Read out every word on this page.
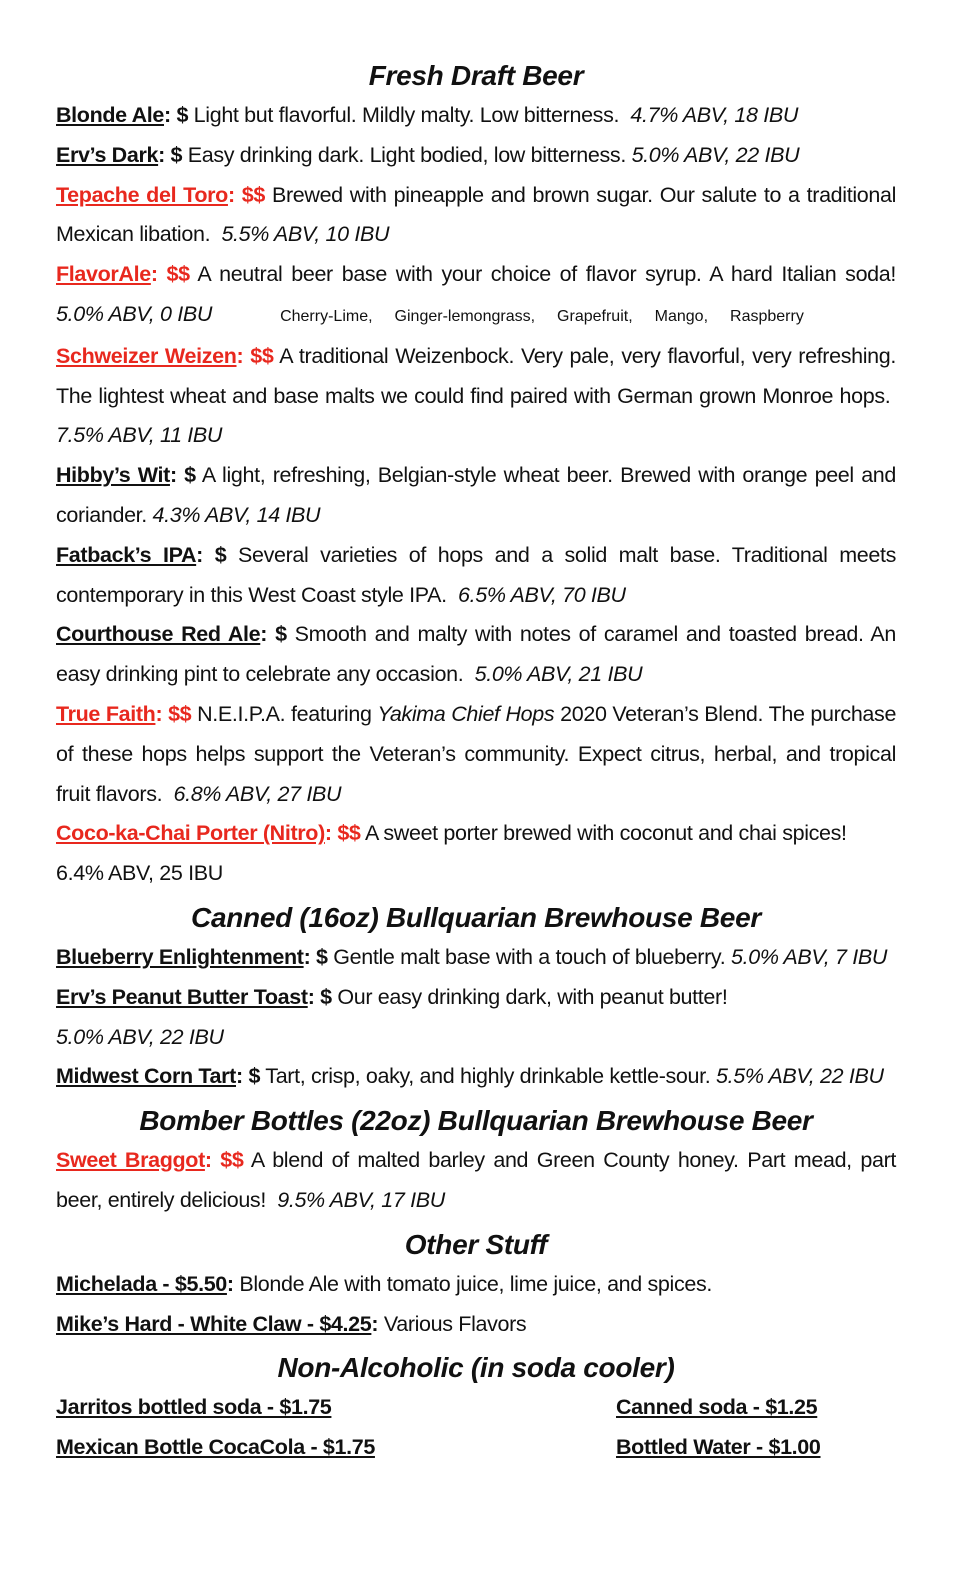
Fresh Draft Beer

Blonde Ale: $ Light but flavorful. Mildly malty. Low bitterness. 4.7% ABV, 18 IBU

Erv’s Dark: $ Easy drinking dark. Light bodied, low bitterness. 5.0% ABV, 22 IBU

Tepache del Toro: $$ Brewed with pineapple and brown sugar. Our salute to a traditional Mexican libation. 5.5% ABV, 10 IBU

FlavorAle: $$ A neutral beer base with your choice of flavor syrup. A hard Italian soda! 5.0% ABV, 0 IBU	Cherry-Lime, Ginger-lemongrass, Grapefruit, Mango, Raspberry

Schweizer Weizen: $$ A traditional Weizenbock. Very pale, very flavorful, very refreshing. The lightest wheat and base malts we could find paired with German grown Monroe hops.  7.5% ABV, 11 IBU

Hibby’s Wit: $ A light, refreshing, Belgian-style wheat beer. Brewed with orange peel and coriander. 4.3% ABV, 14 IBU

Fatback’s IPA: $ Several varieties of hops and a solid malt base. Traditional meets contemporary in this West Coast style IPA. 6.5% ABV, 70 IBU

Courthouse Red Ale: $ Smooth and malty with notes of caramel and toasted bread. An easy drinking pint to celebrate any occasion. 5.0% ABV, 21 IBU

True Faith: $$ N.E.I.P.A. featuring Yakima Chief Hops 2020 Veteran’s Blend. The purchase of these hops helps support the Veteran’s community. Expect citrus, herbal, and tropical fruit flavors. 6.8% ABV, 27 IBU

Coco-ka-Chai Porter (Nitro): $$ A sweet porter brewed with coconut and chai spices!
6.4% ABV, 25 IBU

Canned (16oz) Bullquarian Brewhouse Beer

Blueberry Enlightenment: $ Gentle malt base with a touch of blueberry. 5.0% ABV, 7 IBU

Erv’s Peanut Butter Toast: $ Our easy drinking dark, with peanut butter! 5.0% ABV, 22 IBU

Midwest Corn Tart: $ Tart, crisp, oaky, and highly drinkable kettle-sour. 5.5% ABV, 22 IBU

Bomber Bottles (22oz) Bullquarian Brewhouse Beer

Sweet Braggot: $$ A blend of malted barley and Green County honey. Part mead, part beer, entirely delicious! 9.5% ABV, 17 IBU

Other Stuff

Michelada - $5.50: Blonde Ale with tomato juice, lime juice, and spices.

Mike’s Hard - White Claw - $4.25: Various Flavors

Non-Alcoholic (in soda cooler)

Jarritos bottled soda - $1.75	Canned soda - $1.25

Mexican Bottle CocaCola - $1.75	Bottled Water - $1.00
